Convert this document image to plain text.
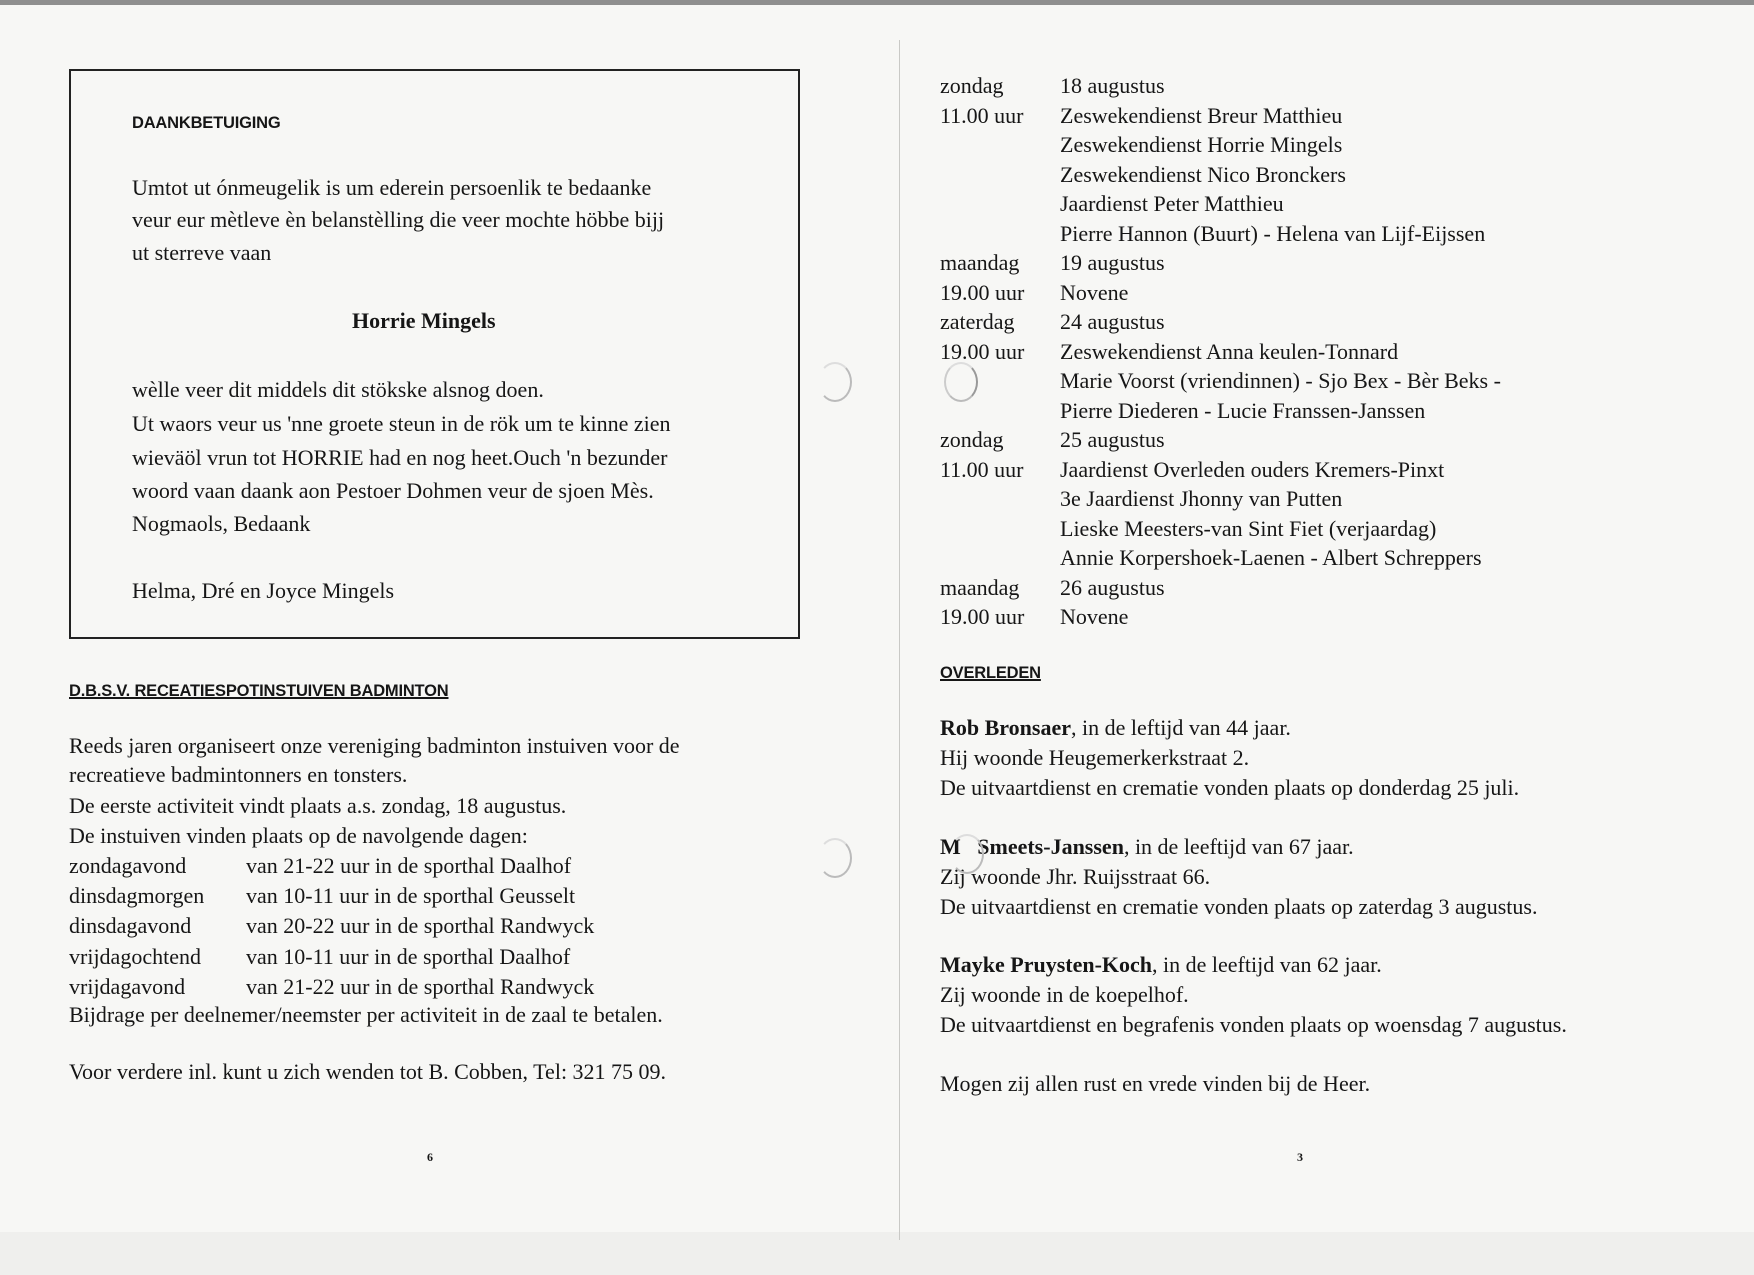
DAANKBETUIGING
Umtot ut ónmeugelik is um ederein persoenlik te bedaanke
veur eur mètleve èn belanstèlling die veer mochte höbbe bijj
ut sterreve vaan
Horrie Mingels
wèlle veer dit middels dit stökske alsnog doen.
Ut waors veur us 'nne groete steun in de rök um te kinne zien
wieväöl vrun tot HORRIE had en nog heet.Ouch 'n bezunder
woord vaan daank aon Pestoer Dohmen veur de sjoen Mès.
Nogmaols, Bedaank
Helma, Dré en Joyce Mingels
D.B.S.V. RECEATIESPOTINSTUIVEN BADMINTON
Reeds jaren organiseert onze vereniging badminton instuiven voor de
recreatieve badmintonners en tonsters.
De eerste activiteit vindt plaats a.s. zondag, 18 augustus.
De instuiven vinden plaats op de navolgende dagen:
zondagavond	van 21-22 uur in de sporthal Daalhof
dinsdagmorgen van 10-11 uur in de sporthal Geusselt
dinsdagavond van 20-22 uur in de sporthal Randwyck
vrijdagochtend van 10-11 uur in de sporthal Daalhof
vrijdagavond	van 21-22 uur in de sporthal Randwyck
Bijdrage per deelnemer/neemster per activiteit in de zaal te betalen.
Voor verdere inl. kunt u zich wenden tot B. Cobben, Tel: 321 75 09.
6
zondag	18 augustus
11.00 uur Zeswekendienst Breur Matthieu
Zeswekendienst Horrie Mingels
Zeswekendienst Nico Bronckers
Jaardienst Peter Matthieu
Pierre Hannon (Buurt) - Helena van Lijf-Eijssen
maandag 19 augustus
19.00 uur Novene
zaterdag 24 augustus
19.00 uur Zeswekendienst Anna keulen-Tonnard
Marie Voorst (vriendinnen) - Sjo Bex - Bèr Beks -
Pierre Diederen - Lucie Franssen-Janssen
zondag	25 augustus
11.00 uur Jaardienst Overleden ouders Kremers-Pinxt
3e Jaardienst Jhonny van Putten
Lieske Meesters-van Sint Fiet (verjaardag)
Annie Korpershoek-Laenen - Albert Schreppers
maandag 26 augustus
19.00 uur Novene
OVERLEDEN
Rob Bronsaer, in de leftijd van 44 jaar.
Hij woonde Heugemerkerkstraat 2.
De uitvaartdienst en crematie vonden plaats op donderdag 25 juli.
M   Smeets-Janssen, in de leeftijd van 67 jaar.
Zij woonde Jhr. Ruijsstraat 66.
De uitvaartdienst en crematie vonden plaats op zaterdag 3 augustus.
Mayke Pruysten-Koch, in de leeftijd van 62 jaar.
Zij woonde in de koepelhof.
De uitvaartdienst en begrafenis vonden plaats op woensdag 7 augustus.
Mogen zij allen rust en vrede vinden bij de Heer.
3
